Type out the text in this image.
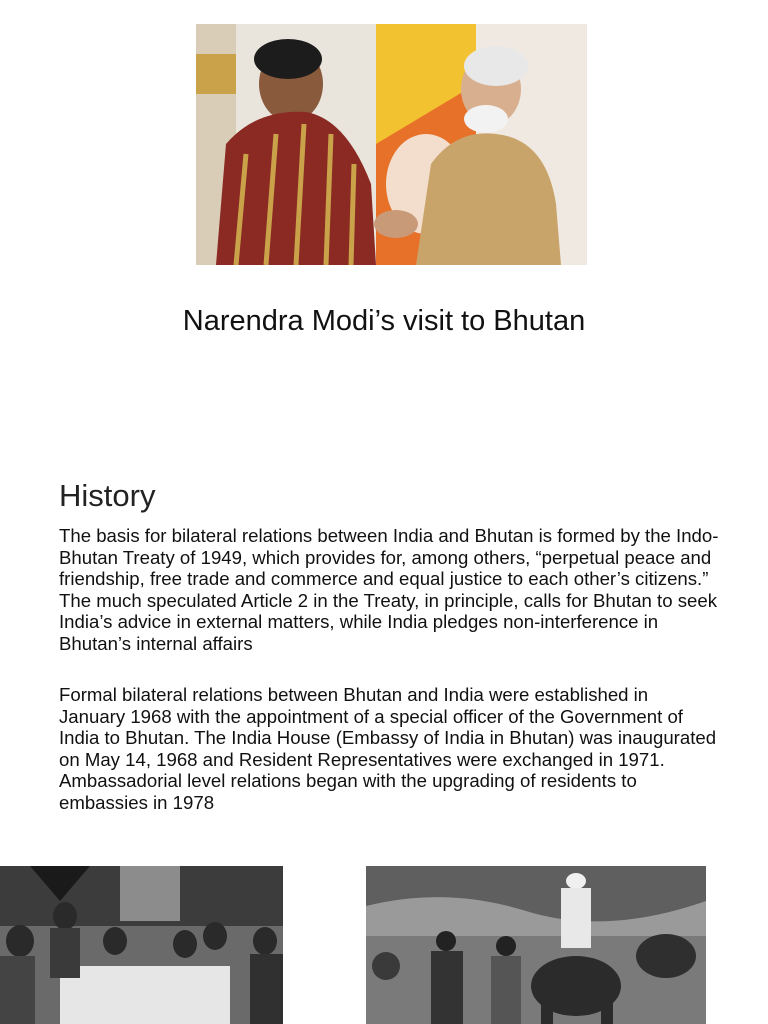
Narendra Modi’s visit to Bhutan
History
The basis for bilateral relations between India and Bhutan is formed by the Indo-Bhutan Treaty of 1949, which provides for, among others, “perpetual peace and friendship, free trade and commerce and equal justice to each other’s citizens.” The much speculated Article 2 in the Treaty, in principle, calls for Bhutan to seek India’s advice in external matters, while India pledges non-interference in Bhutan’s internal affairs
Formal bilateral relations between Bhutan and India were established in January 1968 with the appointment of a special officer of the Government of India to Bhutan. The India House (Embassy of India in Bhutan) was inaugurated on May 14, 1968 and Resident Representatives were exchanged in 1971. Ambassadorial level relations began with the upgrading of residents to embassies in 1978
